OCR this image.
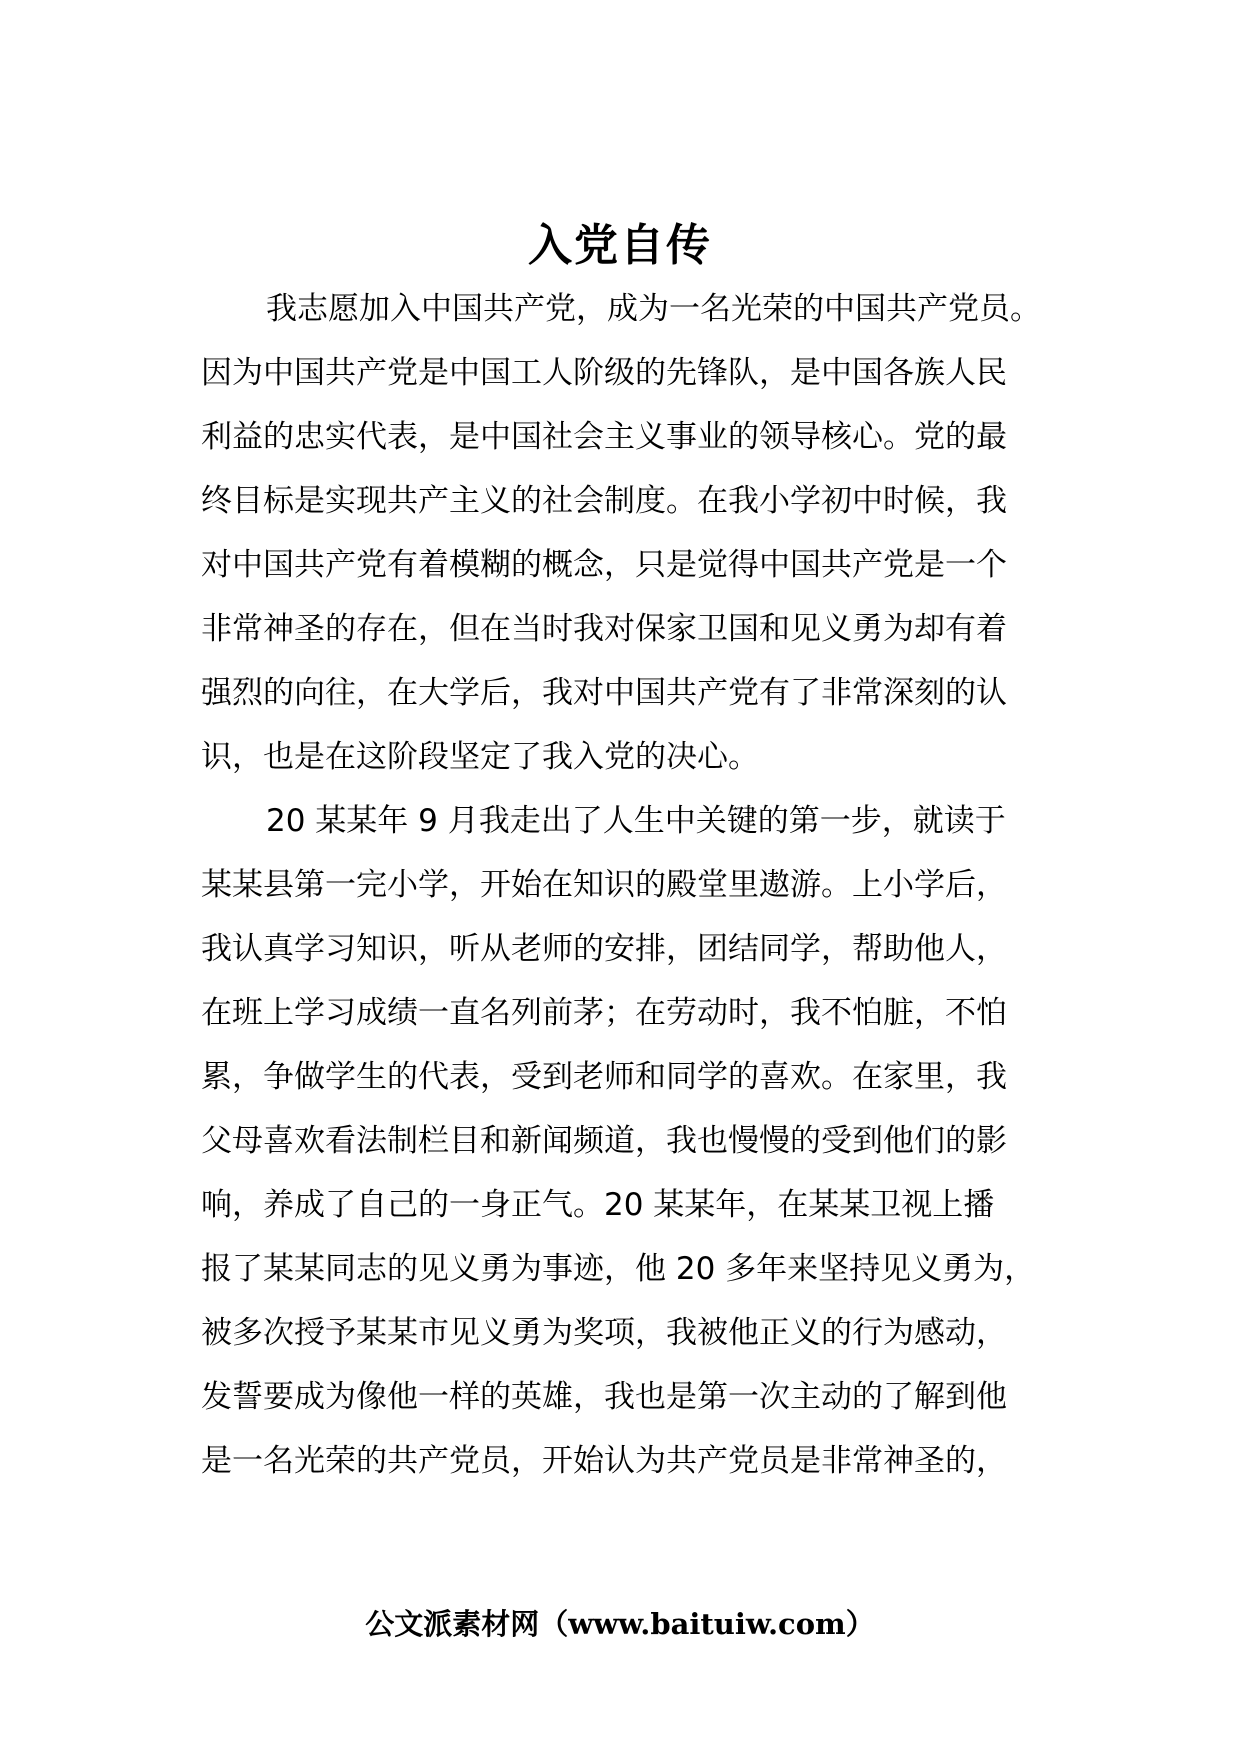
入党自传
我志愿加入中国共产党，成为一名光荣的中国共产党员。
因为中国共产党是中国工人阶级的先锋队，是中国各族人民
利益的忠实代表，是中国社会主义事业的领导核心。党的最
终目标是实现共产主义的社会制度。在我小学初中时候，我
对中国共产党有着模糊的概念，只是觉得中国共产党是一个
非常神圣的存在，但在当时我对保家卫国和见义勇为却有着
强烈的向往，在大学后，我对中国共产党有了非常深刻的认
识，也是在这阶段坚定了我入党的决心。
20 某某年 9 月我走出了人生中关键的第一步，就读于
某某县第一完小学，开始在知识的殿堂里遨游。上小学后，
我认真学习知识，听从老师的安排，团结同学，帮助他人，
在班上学习成绩一直名列前茅；在劳动时，我不怕脏，不怕
累，争做学生的代表，受到老师和同学的喜欢。在家里，我
父母喜欢看法制栏目和新闻频道，我也慢慢的受到他们的影
响，养成了自己的一身正气。20 某某年，在某某卫视上播
报了某某同志的见义勇为事迹，他 20 多年来坚持见义勇为，
被多次授予某某市见义勇为奖项，我被他正义的行为感动，
发誓要成为像他一样的英雄，我也是第一次主动的了解到他
是一名光荣的共产党员，开始认为共产党员是非常神圣的，
公文派素材网（www.baituiw.com）
